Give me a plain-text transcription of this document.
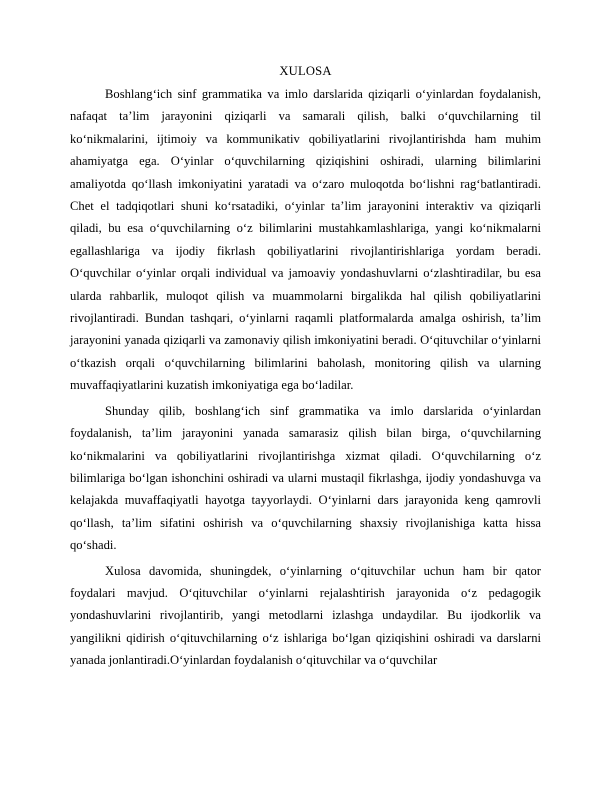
XULOSA

Boshlang‘ich sinf grammatika va imlo darslarida qiziqarli o‘yinlardan foydalanish, nafaqat ta’lim jarayonini qiziqarli va samarali qilish, balki o‘quvchilarning til ko‘nikmalarini, ijtimoiy va kommunikativ qobiliyatlarini rivojlantirishda ham muhim ahamiyatga ega. O‘yinlar o‘quvchilarning qiziqishini oshiradi, ularning bilimlarini amaliyotda qo‘llash imkoniyatini yaratadi va o‘zaro muloqotda bo‘lishni rag‘batlantiradi. Chet el tadqiqotlari shuni ko‘rsatadiki, o‘yinlar ta’lim jarayonini interaktiv va qiziqarli qiladi, bu esa o‘quvchilarning o‘z bilimlarini mustahkamlashlariga, yangi ko‘nikmalarni egallashlariga va ijodiy fikrlash qobiliyatlarini rivojlantirishlariga yordam beradi. O‘quvchilar o‘yinlar orqali individual va jamoaviy yondashuvlarni o‘zlashtiradilar, bu esa ularda rahbarlik, muloqot qilish va muammolarni birgalikda hal qilish qobiliyatlarini rivojlantiradi. Bundan tashqari, o‘yinlarni raqamli platformalarda amalga oshirish, ta’lim jarayonini yanada qiziqarli va zamonaviy qilish imkoniyatini beradi. O‘qituvchilar o‘yinlarni o‘tkazish orqali o‘quvchilarning bilimlarini baholash, monitoring qilish va ularning muvaffaqiyatlarini kuzatish imkoniyatiga ega bo‘ladilar.

Shunday qilib, boshlang‘ich sinf grammatika va imlo darslarida o‘yinlardan foydalanish, ta’lim jarayonini yanada samarasiz qilish bilan birga, o‘quvchilarning ko‘nikmalarini va qobiliyatlarini rivojlantirishga xizmat qiladi. O‘quvchilarning o‘z bilimlariga bo‘lgan ishonchini oshiradi va ularni mustaqil fikrlashga, ijodiy yondashuvga va kelajakda muvaffaqiyatli hayotga tayyorlaydi. O‘yinlarni dars jarayonida keng qamrovli qo‘llash, ta’lim sifatini oshirish va o‘quvchilarning shaxsiy rivojlanishiga katta hissa qo‘shadi.

Xulosa davomida, shuningdek, o‘yinlarning o‘qituvchilar uchun ham bir qator foydalari mavjud. O‘qituvchilar o‘yinlarni rejalashtirish jarayonida o‘z pedagogik yondashuvlarini rivojlantirib, yangi metodlarni izlashga undaydilar. Bu ijodkorlik va yangilikni qidirish o‘qituvchilarning o‘z ishlariga bo‘lgan qiziqishini oshiradi va darslarni yanada jonlantiradi.O‘yinlardan foydalanish o‘qituvchilar va o‘quvchilar
